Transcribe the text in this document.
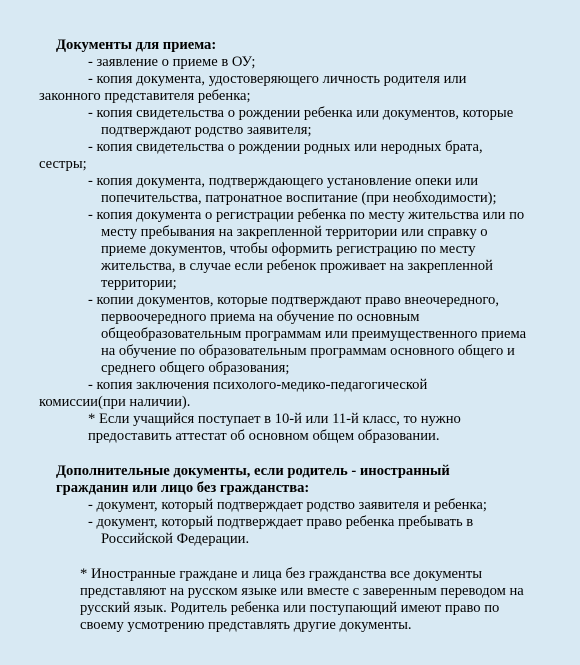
Документы для приема:
- заявление о приеме в ОУ;
- копия документа, удостоверяющего личность родителя или
законного представителя ребенка;
- копия свидетельства о рождении ребенка или документов, которые
подтверждают родство заявителя;
- копия свидетельства о рождении родных или неродных брата,
сестры;
- копия документа, подтверждающего установление опеки или
попечительства, патронатное воспитание (при необходимости);
- копия документа о регистрации ребенка по месту жительства или по
месту пребывания на закрепленной территории или справку о
приеме документов, чтобы оформить регистрацию по месту
жительства, в случае если ребенок проживает на закрепленной
территории;
- копии документов, которые подтверждают право внеочередного,
первоочередного приема на обучение по основным
общеобразовательным программам или преимущественного приема
на обучение по образовательным программам основного общего и
среднего общего образования;
- копия заключения психолого-медико-педагогической
комиссии(при наличии).
* Если учащийся поступает в 10-й или 11-й класс, то нужно
предоставить аттестат об основном общем образовании.
Дополнительные документы, если родитель - иностранный
гражданин или лицо без гражданства:
- документ, который подтверждает родство заявителя и ребенка;
- документ, который подтверждает право ребенка пребывать в
Российской Федерации.
* Иностранные граждане и лица без гражданства все документы
представляют на русском языке или вместе с заверенным переводом на
русский язык. Родитель ребенка или поступающий имеют право по
своему усмотрению представлять другие документы.
